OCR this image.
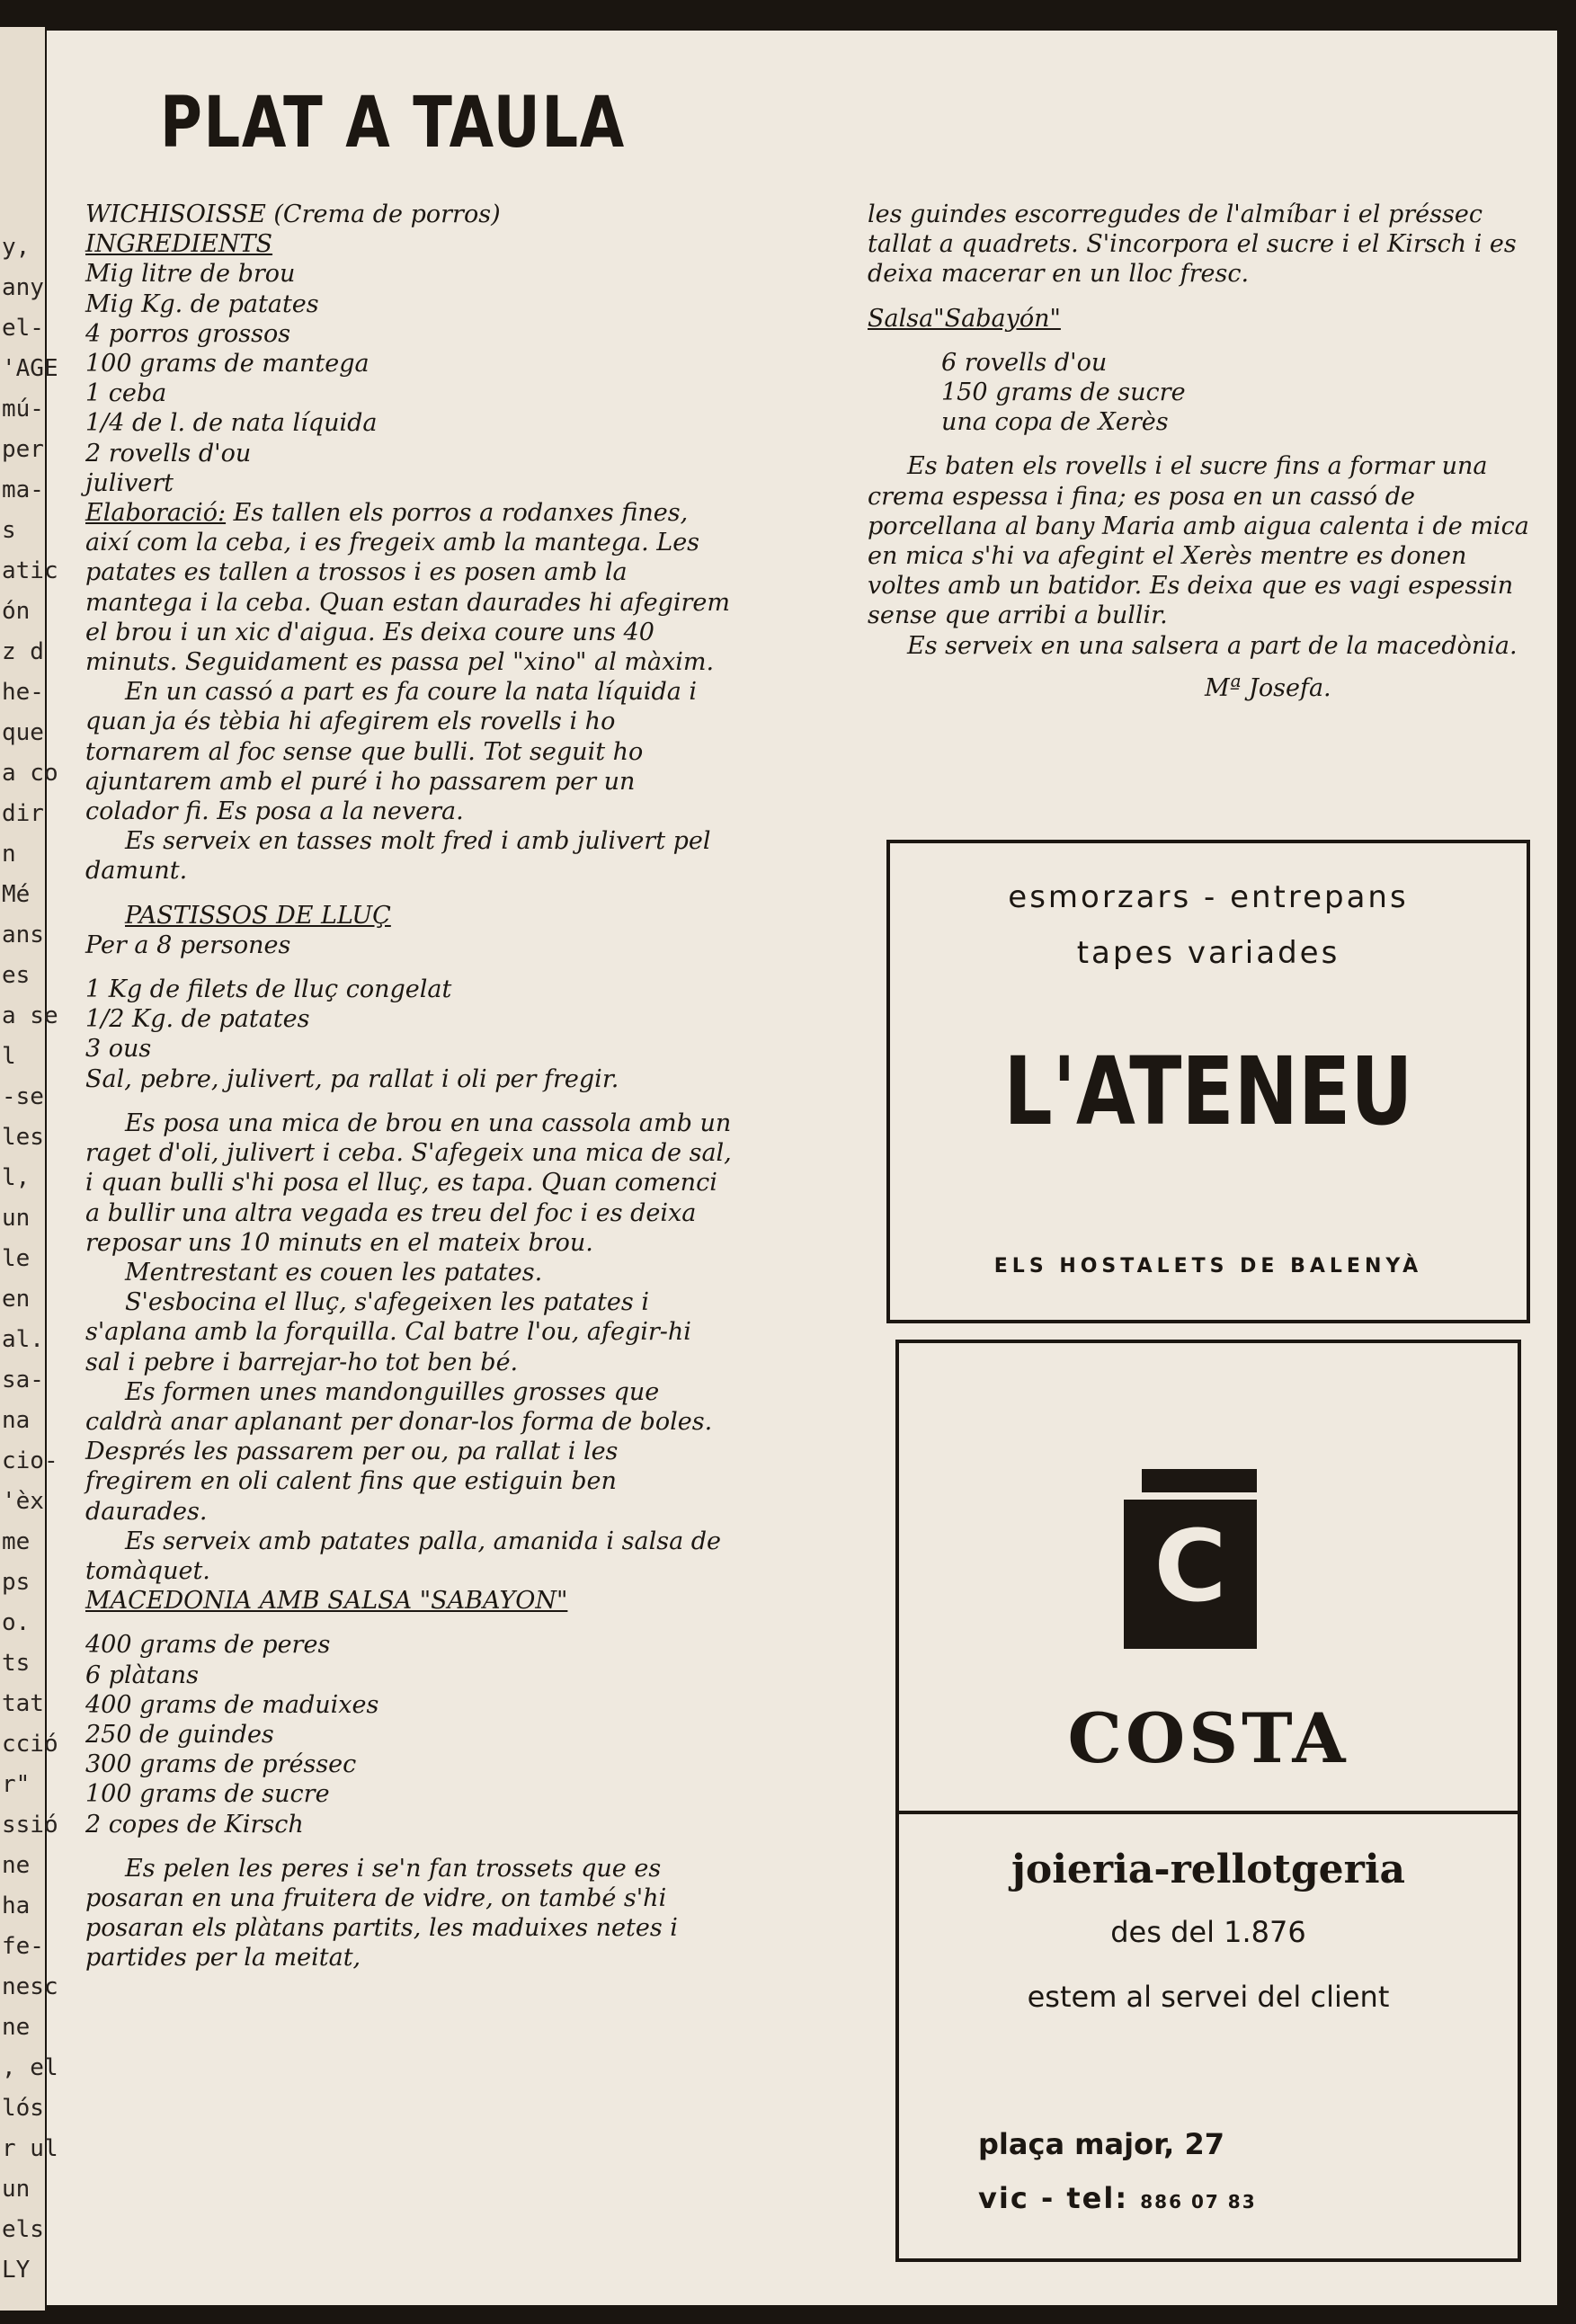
y,
any
el-
'AGE
mú-
per
ma-
s
atic
ón
z d
he-
que
a co
dir
n
Mé
ans
es
a se
l
-se
les
l,
un
le
en
al.
sa-
na
cio-
'èx
me
ps
o.
ts
tat
cció
r"
ssió
ne
ha
fe-
nesc
ne
, el
lós
r ul
un
els
LY
PLAT A TAULA

WICHISOISSE (Crema de porros)

INGREDIENTS

Mig litre de brou

Mig Kg. de patates

4 porros grossos

100 grams de mantega

1 ceba

1/4 de l. de nata líquida

2 rovells d'ou

julivert

Elaboració: Es tallen els porros a rodanxes fines, així com la ceba, i es fregeix amb la mantega. Les patates es tallen a trossos i es posen amb la mantega i la ceba. Quan estan daurades hi afegirem el brou i un xic d'aigua. Es deixa coure uns 40 minuts. Seguidament es passa pel "xino" al màxim.

En un cassó a part es fa coure la nata líquida i quan ja és tèbia hi afegirem els rovells i ho tornarem al foc sense que bulli. Tot seguit ho ajuntarem amb el puré i ho passarem per un colador fi. Es posa a la nevera.

Es serveix en tasses molt fred i amb julivert pel damunt.

PASTISSOS DE LLUÇ

Per a 8 persones

1 Kg de filets de lluç congelat

1/2 Kg. de patates

3 ous

Sal, pebre, julivert, pa rallat i oli per fregir.

Es posa una mica de brou en una cassola amb un raget d'oli, julivert i ceba. S'afegeix una mica de sal, i quan bulli s'hi posa el lluç, es tapa. Quan comenci a bullir una altra vegada es treu del foc i es deixa reposar uns 10 minuts en el mateix brou.

Mentrestant es couen les patates.

S'esbocina el lluç, s'afegeixen les patates i s'aplana amb la forquilla. Cal batre l'ou, afegir-hi sal i pebre i barrejar-ho tot ben bé.

Es formen unes mandonguilles grosses que caldrà anar aplanant per donar-los forma de boles. Després les passarem per ou, pa rallat i les fregirem en oli calent fins que estiguin ben daurades.

Es serveix amb patates palla, amanida i salsa de tomàquet.

MACEDONIA AMB SALSA "SABAYON"

400 grams de peres

6 plàtans

400 grams de maduixes

250 de guindes

300 grams de préssec

100 grams de sucre

2 copes de Kirsch

Es pelen les peres i se'n fan trossets que es posaran en una fruitera de vidre, on també s'hi posaran els plàtans partits, les maduixes netes i partides per la meitat,

les guindes escorregudes de l'almíbar i el préssec tallat a quadrets. S'incorpora el sucre i el Kirsch i es deixa macerar en un lloc fresc.

Salsa"Sabayón"

6 rovells d'ou

150 grams de sucre

una copa de Xerès

Es baten els rovells i el sucre fins a formar una crema espessa i fina; es posa en un cassó de porcellana al bany Maria amb aigua calenta i de mica en mica s'hi va afegint el Xerès mentre es donen voltes amb un batidor. Es deixa que es vagi espessin sense que arribi a bullir.

Es serveix en una salsera a part de la macedònia.

Mª Josefa.

esmorzars - entrepans
tapes variades
L'ATENEU
ELS HOSTALETS DE BALENYÀ
C
COSTA
joieria-rellotgeria
des del 1.876
estem al servei del client
plaça major, 27
vic - tel: 886 07 83
